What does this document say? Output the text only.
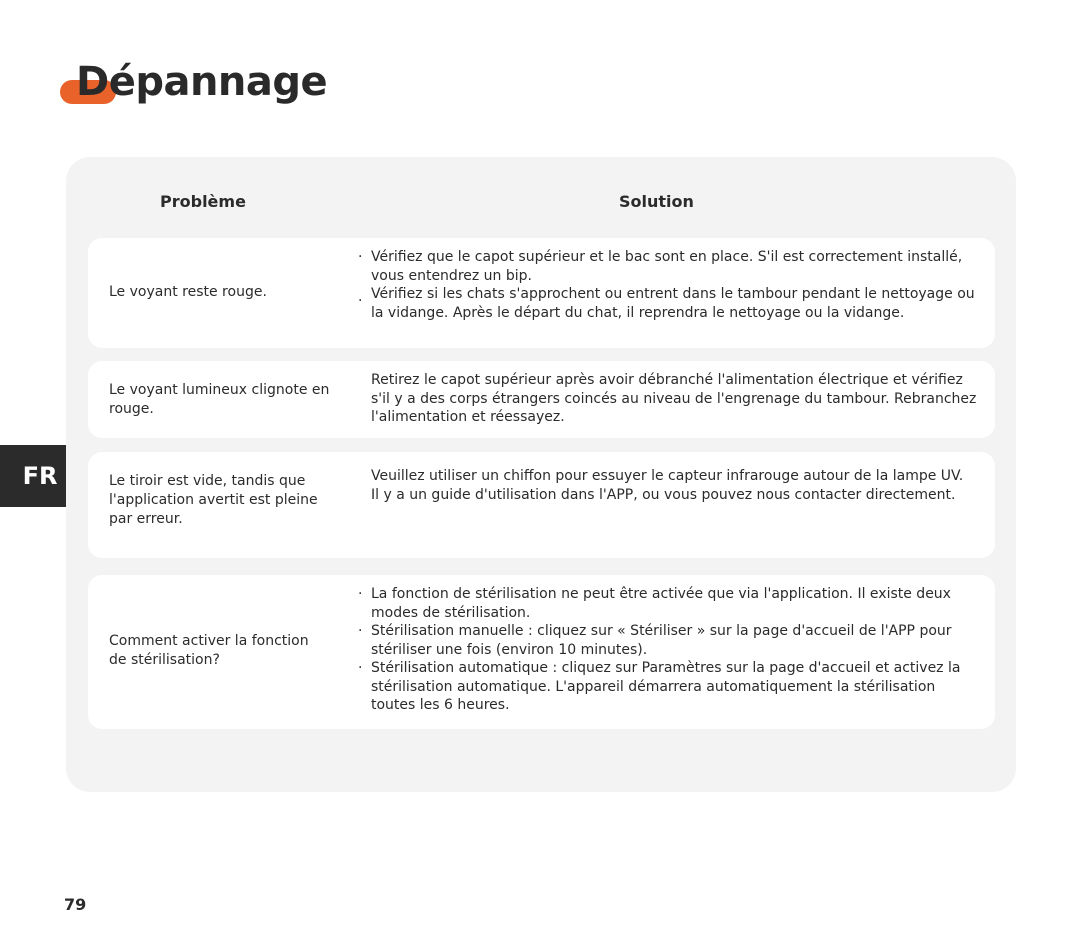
Dépannage
FR
Problème	Solution
Le voyant reste rouge.
· Vérifiez que le capot supérieur et le bac sont en place. S'il est correctement installé, vous entendrez un bip.
. Vérifiez si les chats s'approchent ou entrent dans le tambour pendant le nettoyage ou la vidange. Après le départ du chat, il reprendra le nettoyage ou la vidange.
Le voyant lumineux clignote en rouge.
Retirez le capot supérieur après avoir débranché l'alimentation électrique et vérifiez s'il y a des corps étrangers coincés au niveau de l'engrenage du tambour. Rebranchez l'alimentation et réessayez.
Le tiroir est vide, tandis que l'application avertit est pleine par erreur.
Veuillez utiliser un chiffon pour essuyer le capteur infrarouge autour de la lampe UV.
Il y a un guide d'utilisation dans l'APP, ou vous pouvez nous contacter directement.
Comment activer la fonction de stérilisation?
· La fonction de stérilisation ne peut être activée que via l'application. Il existe deux modes de stérilisation.
· Stérilisation manuelle : cliquez sur « Stériliser » sur la page d'accueil de l'APP pour stériliser une fois (environ 10 minutes).
· Stérilisation automatique : cliquez sur Paramètres sur la page d'accueil et activez la stérilisation automatique. L'appareil démarrera automatiquement la stérilisation toutes les 6 heures.
79
